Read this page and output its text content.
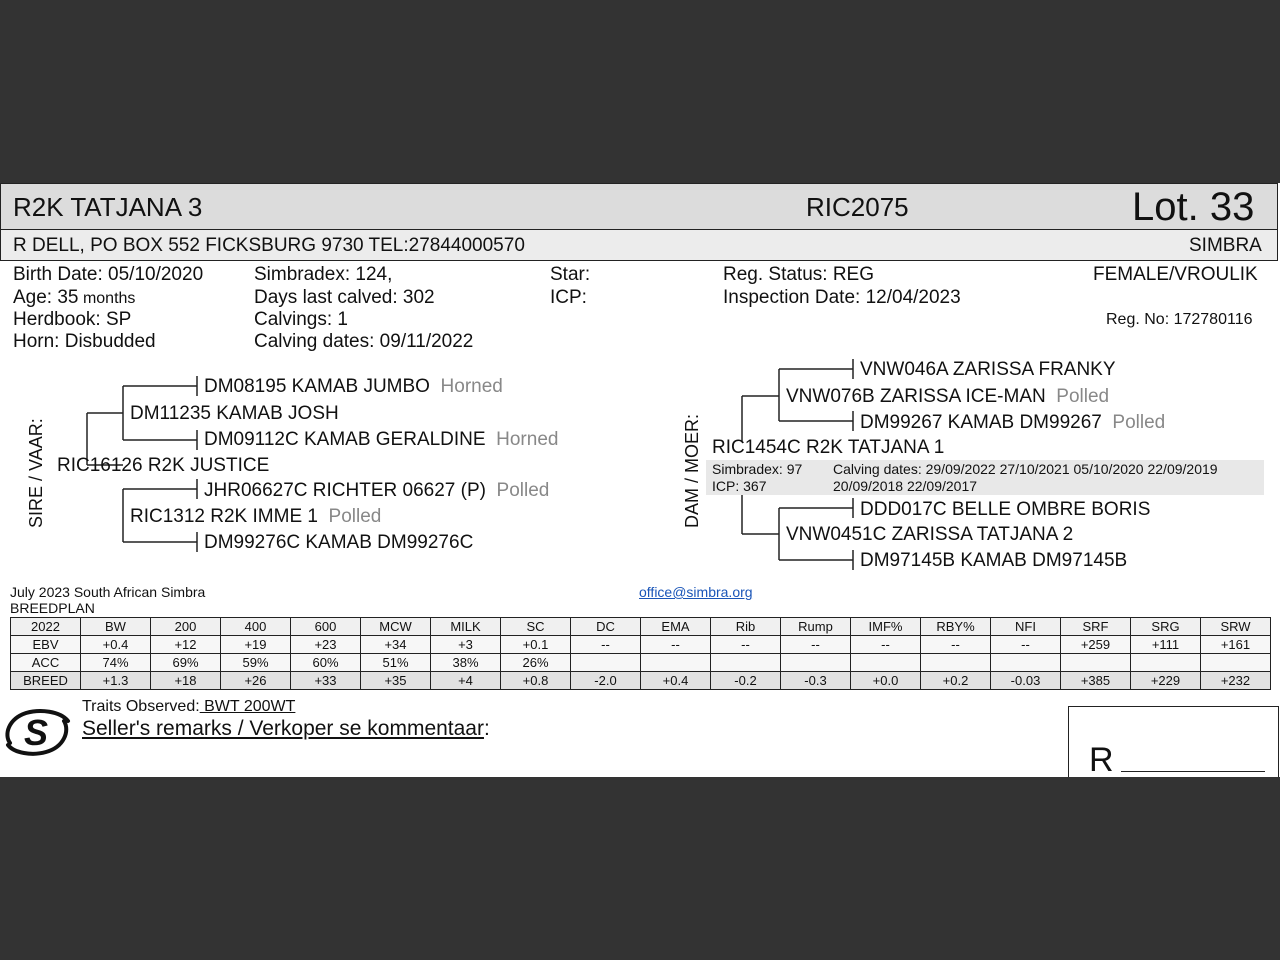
R2K TATJANA 3	RIC2075	Lot. 33
R DELL, PO BOX 552 FICKSBURG 9730 TEL:27844000570	SIMBRA
Birth Date: 05/10/2020
Age: 35 months
Herdbook: SP
Horn: Disbudded
Simbradex: 124,
Days last calved: 302
Calvings: 1
Calving dates: 09/11/2022
Star:
ICP:
Reg. Status: REG
Inspection Date: 12/04/2023
FEMALE/VROULIK
Reg. No: 172780116
SIRE / VAAR: RIC16126 R2K JUSTICE
DM11235 KAMAB JOSH
RIC1312 R2K IMME 1 Polled
DM08195 KAMAB JUMBO Horned
DM09112C KAMAB GERALDINE Horned
JHR06627C RICHTER 06627 (P) Polled
DM99276C KAMAB DM99276C
DAM / MOER: RIC1454C R2K TATJANA 1
Simbradex: 97
ICP: 367
Calving dates: 29/09/2022 27/10/2021 05/10/2020 22/09/2019
20/09/2018 22/09/2017
VNW076B ZARISSA ICE-MAN Polled
VNW0451C ZARISSA TATJANA 2
VNW046A ZARISSA FRANKY
DM99267 KAMAB DM99267 Polled
DDD017C BELLE OMBRE BORIS
DM97145B KAMAB DM97145B
July 2023 South African Simbra
BREEDPLAN
office@simbra.org
2022	BW	200	400	600	MCW	MILK	SC	DC	EMA	Rib	Rump	IMF%	RBY%	NFI	SRF	SRG	SRW
EBV	+0.4	+12	+19	+23	+34	+3	+0.1	--	--	--	--	--	--	--	+259	+111	+161
ACC	74%	69%	59%	60%	51%	38%	26%										
BREED	+1.3	+18	+26	+33	+35	+4	+0.8	-2.0	+0.4	-0.2	-0.3	+0.0	+0.2	-0.03	+385	+229	+232
S
Traits Observed: BWT 200WT
Seller's remarks / Verkoper se kommentaar:
R
